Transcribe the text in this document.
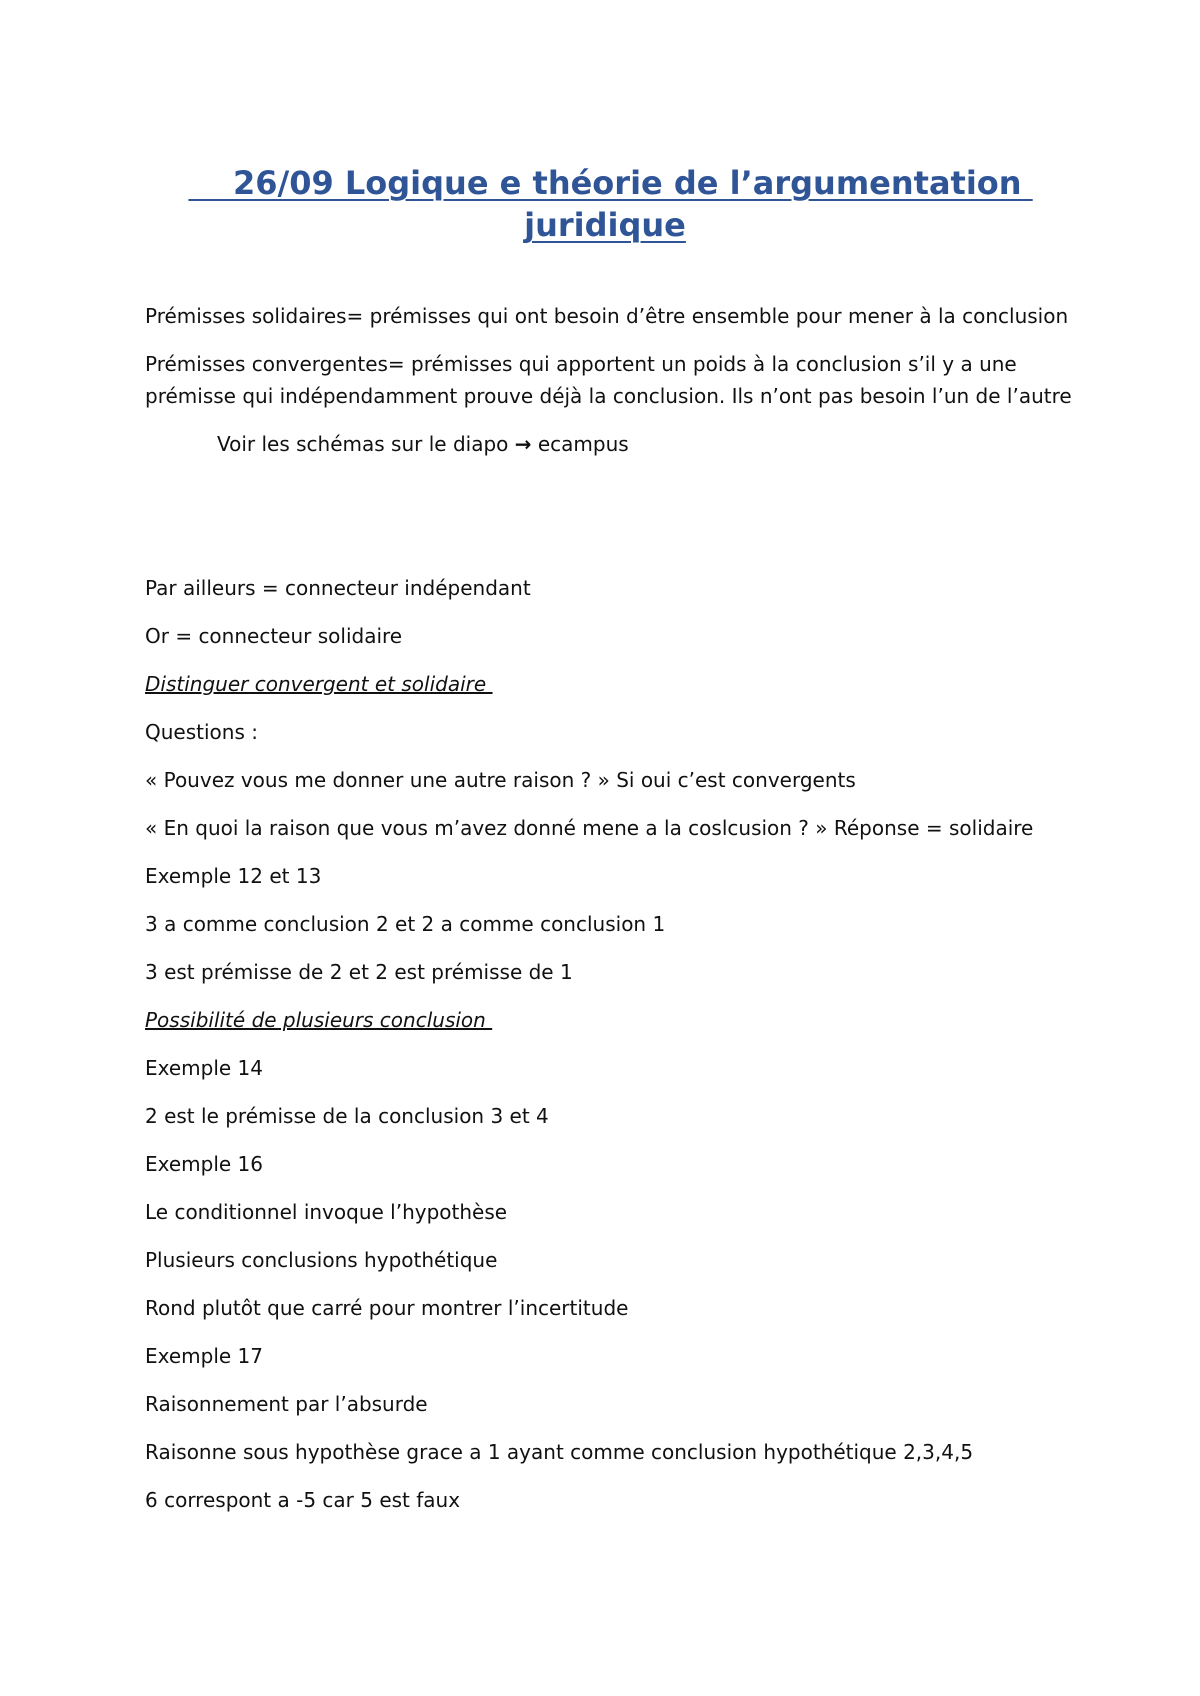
26/09 Logique e théorie de l’argumentation juridique

Prémisses solidaires= prémisses qui ont besoin d’être ensemble pour mener à la conclusion

Prémisses convergentes= prémisses qui apportent un poids à la conclusion s’il y a une prémisse qui indépendamment prouve déjà la conclusion. Ils n’ont pas besoin l’un de l’autre

Voir les schémas sur le diapo → ecampus

Par ailleurs = connecteur indépendant

Or = connecteur solidaire

Distinguer convergent et solidaire

Questions :

« Pouvez vous me donner une autre raison ? » Si oui c’est convergents

« En quoi la raison que vous m’avez donné mene a la coslcusion ? » Réponse = solidaire

Exemple 12 et 13

3 a comme conclusion 2 et 2 a comme conclusion 1

3 est prémisse de 2 et 2 est prémisse de 1

Possibilité de plusieurs conclusion

Exemple 14

2 est le prémisse de la conclusion 3 et 4

Exemple 16

Le conditionnel invoque l’hypothèse

Plusieurs conclusions hypothétique

Rond plutôt que carré pour montrer l’incertitude

Exemple 17

Raisonnement par l’absurde

Raisonne sous hypothèse grace a 1 ayant comme conclusion hypothétique 2,3,4,5

6 correspont a -5 car 5 est faux
